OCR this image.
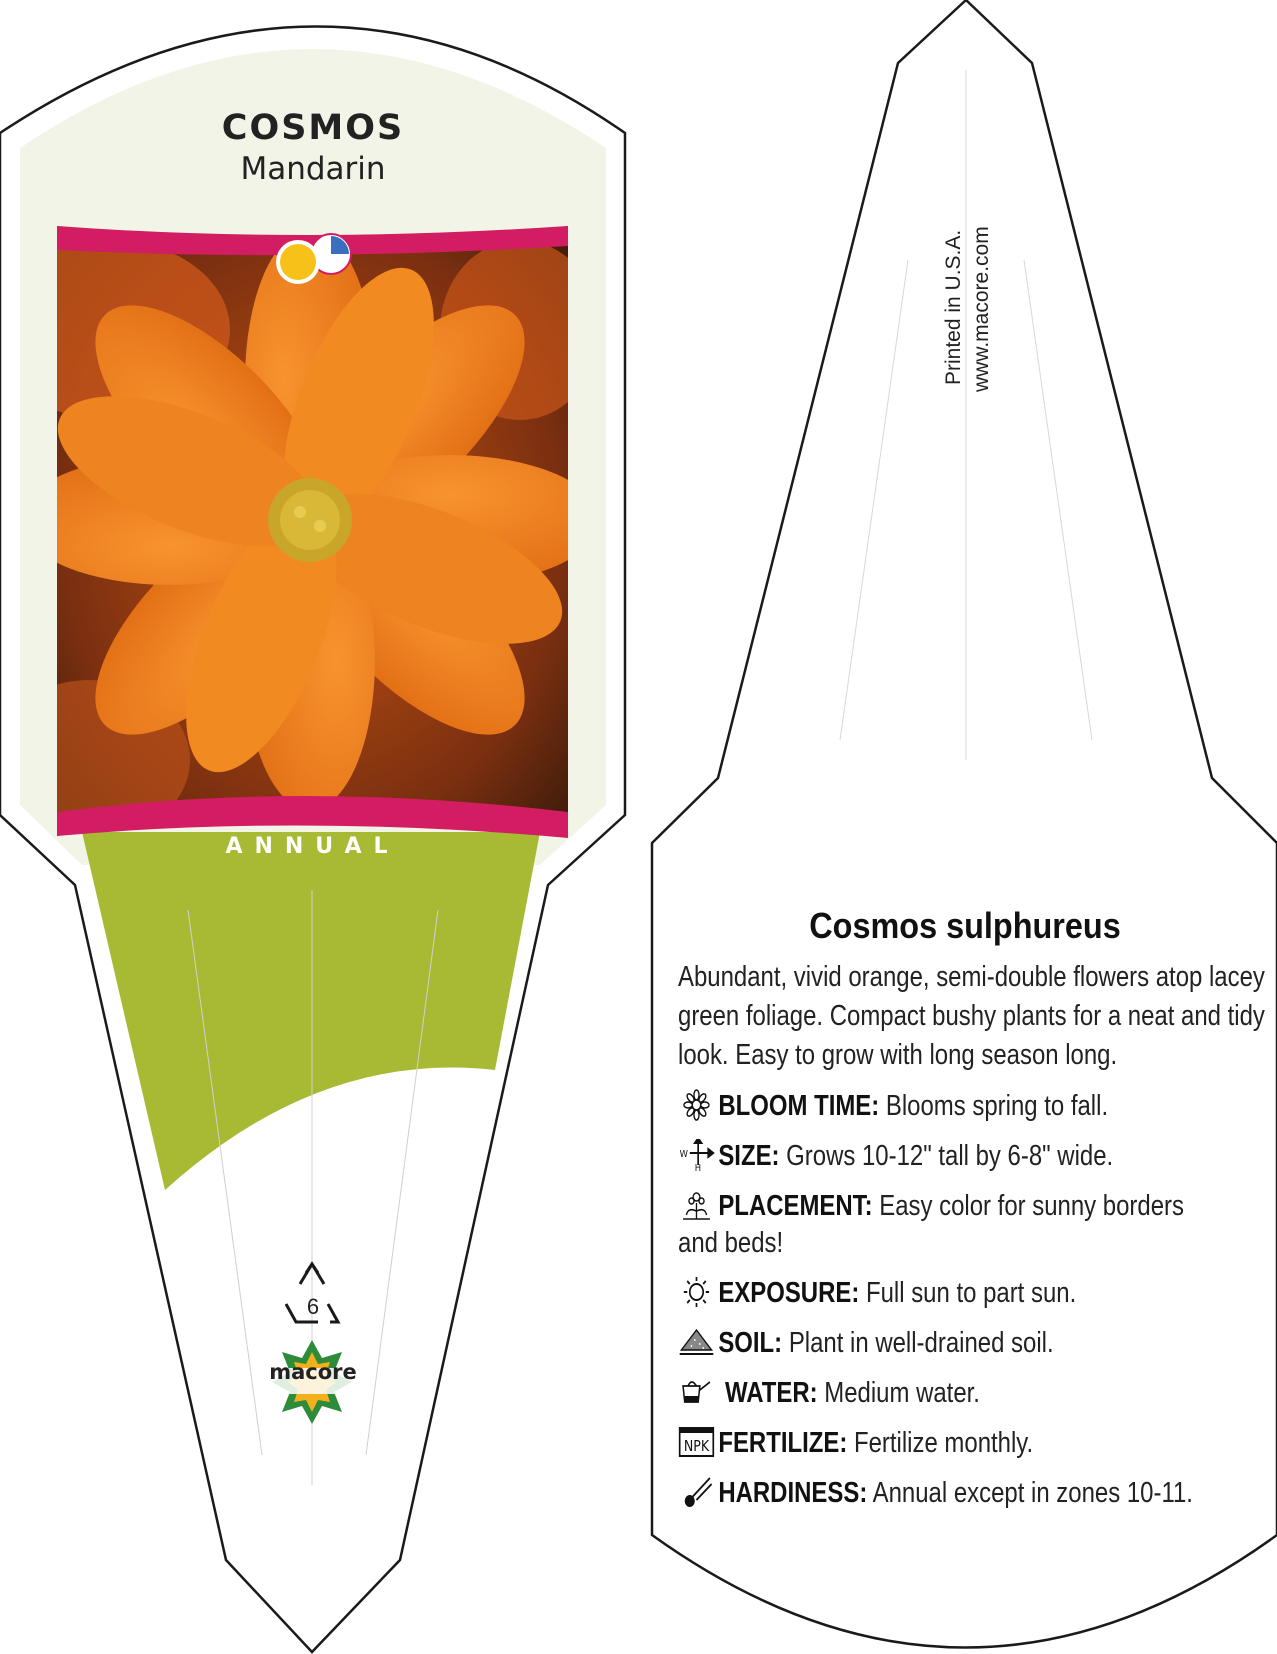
COSMOS
Mandarin
ANNUAL
6
macore
Printed in U.S.A. www.macore.com
Cosmos sulphureus
Abundant, vivid orange, semi-double flowers atop lacey green foliage. Compact bushy plants for a neat and tidy look. Easy to grow with long season long.
BLOOM TIME: Blooms spring to fall.
W
H SIZE: Grows 10-12" tall by 6-8" wide.
PLACEMENT: Easy color for sunny borders and beds!
EXPOSURE: Full sun to part sun.
SOIL: Plant in well-drained soil.
WATER: Medium water.
NPK FERTILIZE: Fertilize monthly.
HARDINESS: Annual except in zones 10-11.
